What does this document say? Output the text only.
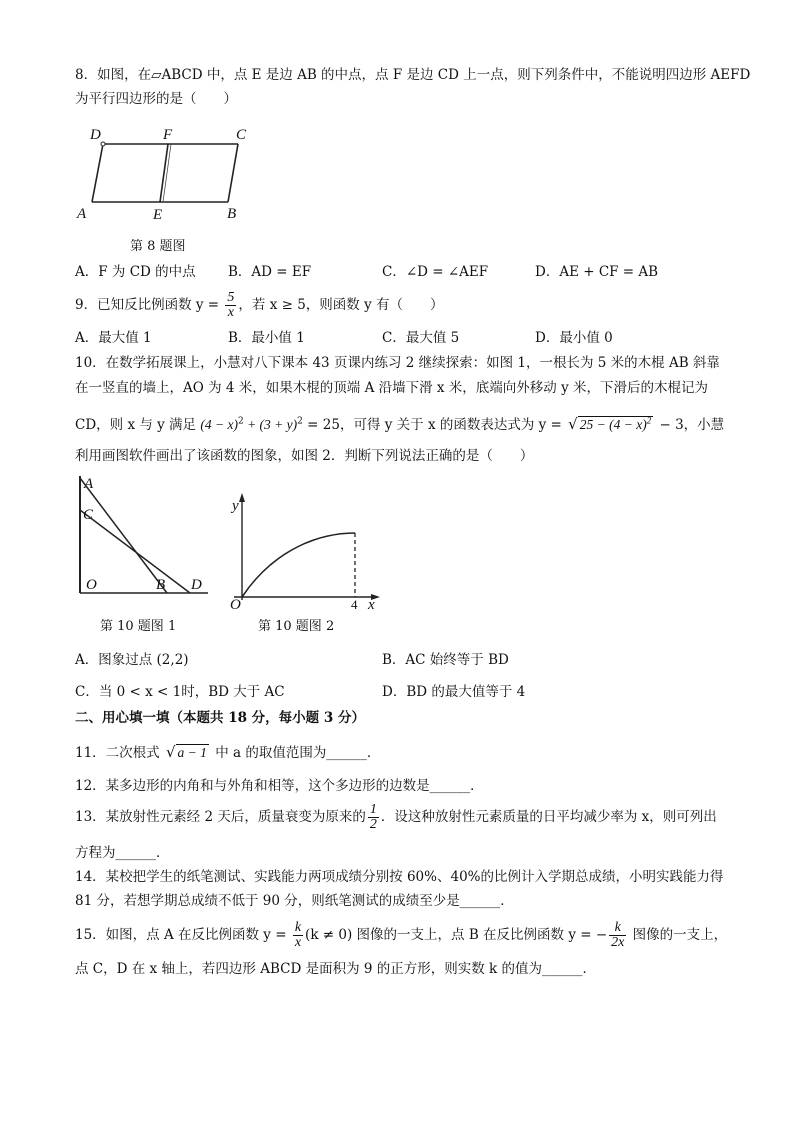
8．如图，在▱ABCD 中，点 E 是边 AB 的中点，点 F 是边 CD 上一点，则下列条件中，不能说明四边形 AEFD
为平行四边形的是（　　）
D	F	C
A	E	B
第 8 题图
A．F 为 CD 的中点 B．AD = EF	C．∠D = ∠AEF	D．AE + CF = AB
9．已知反比例函数 $y = \frac{5}{x}$ ，若 x ≥ 5，则函数 y 有（　　）
A．最大值 1	B．最小值 1	C．最大值 5	D．最小值 0
10．在数学拓展课上，小慧对八下课本 43 页课内练习 2 继续探索：如图 1，一根长为 5 米的木棍 AB 斜靠
在一竖直的墙上，AO 为 4 米，如果木棍的顶端 A 沿墙下滑 x 米，底端向外移动 y 米，下滑后的木棍记为
CD，则 x 与 y 满足 $(4 - x)^2 + (3 + y)^2 = 25$，可得 y 关于 x 的函数表达式为 y = √ $25 - (4 - x)^2 - 3$，小慧
利用画图软件画出了该函数的图象，如图 2．判断下列说法正确的是（　　）
A
C
O	B D
y
O	4 x
第 10 题图 1	第 10 题图 2
A．图象过点 (2,2)	B．AC 始终等于 BD
C．当 0 < x < 1时，BD 大于 AC	D．BD 的最大值等于 4
二、用心填一填（本题共 18 分，每小题 3 分）
11．二次根式 √ a − 1 中 a 的取值范围为______．
12．某多边形的内角和与外角和相等，这个多边形的边数是______．
13．某放射性元素经 2 天后，质量衰变为原来的 $\frac{1}{2}$ ．设这种放射性元素质量的日平均减少率为 x，则可列出
方程为______．
14．某校把学生的纸笔测试、实践能力两项成绩分别按 60%、40%的比例计入学期总成绩，小明实践能力得
81 分，若想学期总成绩不低于 90 分，则纸笔测试的成绩至少是______．
15．如图，点 A 在反比例函数 $y = \frac{k}{x} (k \ne 0)$ 图像的一支上，点 B 在反比例函数 y = − $\frac{k}{2x}$ 图像的一支上，
点 C，D 在 x 轴上，若四边形 ABCD 是面积为 9 的正方形，则实数 k 的值为______．
